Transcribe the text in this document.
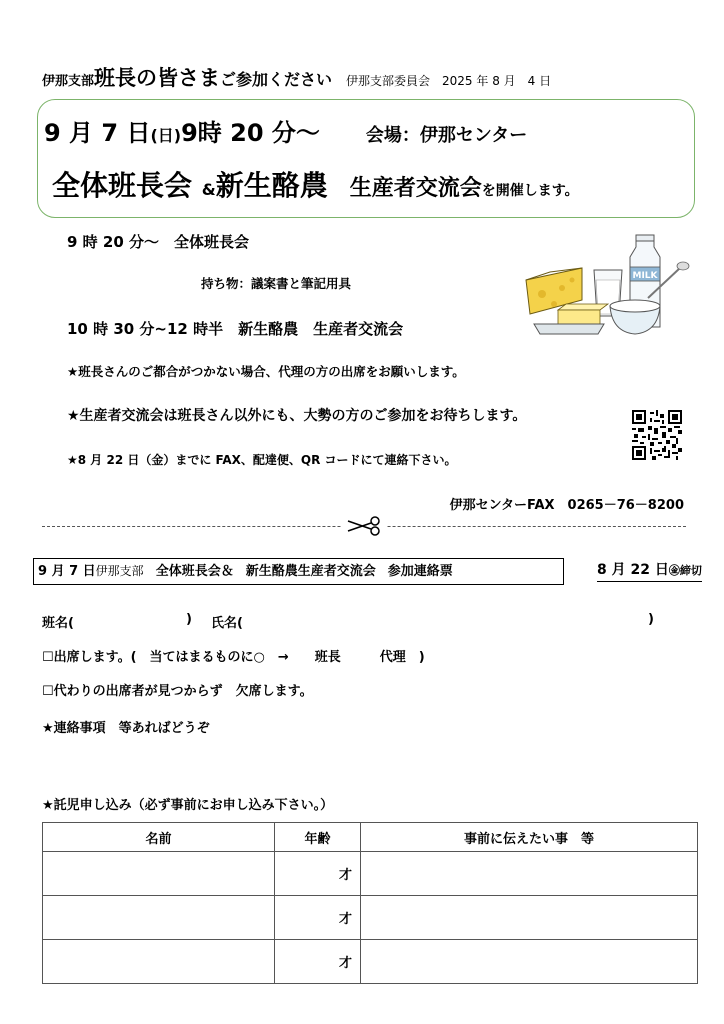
伊那支部班長の皆さまご参加ください 伊那支部委員会　2025 年 8 月　4 日
9 月 7 日(日)9時 20 分～	会場：伊那センター
全体班長会 &新生酪農 生産者交流会を開催します。
9 時 20 分～　全体班長会
持ち物：議案書と筆記用具
10 時 30 分~12 時半　新生酪農　生産者交流会
★班長さんのご都合がつかない場合、代理の方の出席をお願いします。
★生産者交流会は班長さん以外にも、大勢の方のご参加をお待ちします。
★8 月 22 日（金）までに FAX、配達便、QR コードにて連絡下さい。
MILK
伊那センターFAX　0265－76－8200
9 月 7 日伊那支部 全体班長会＆ 新生酪農生産者交流会 参加連絡票	8 月 22 日㊎締切
班名(	) 氏名(	)
☐出席します。(　当てはまるものに○　→　　班長　　　代理　)
☐代わりの出席者が見つからず　欠席します。
★連絡事項　等あればどうぞ
★託児申し込み（必ず事前にお申し込み下さい。）
名前	年齢	事前に伝えたい事　等
	才	
	才	
	才	
